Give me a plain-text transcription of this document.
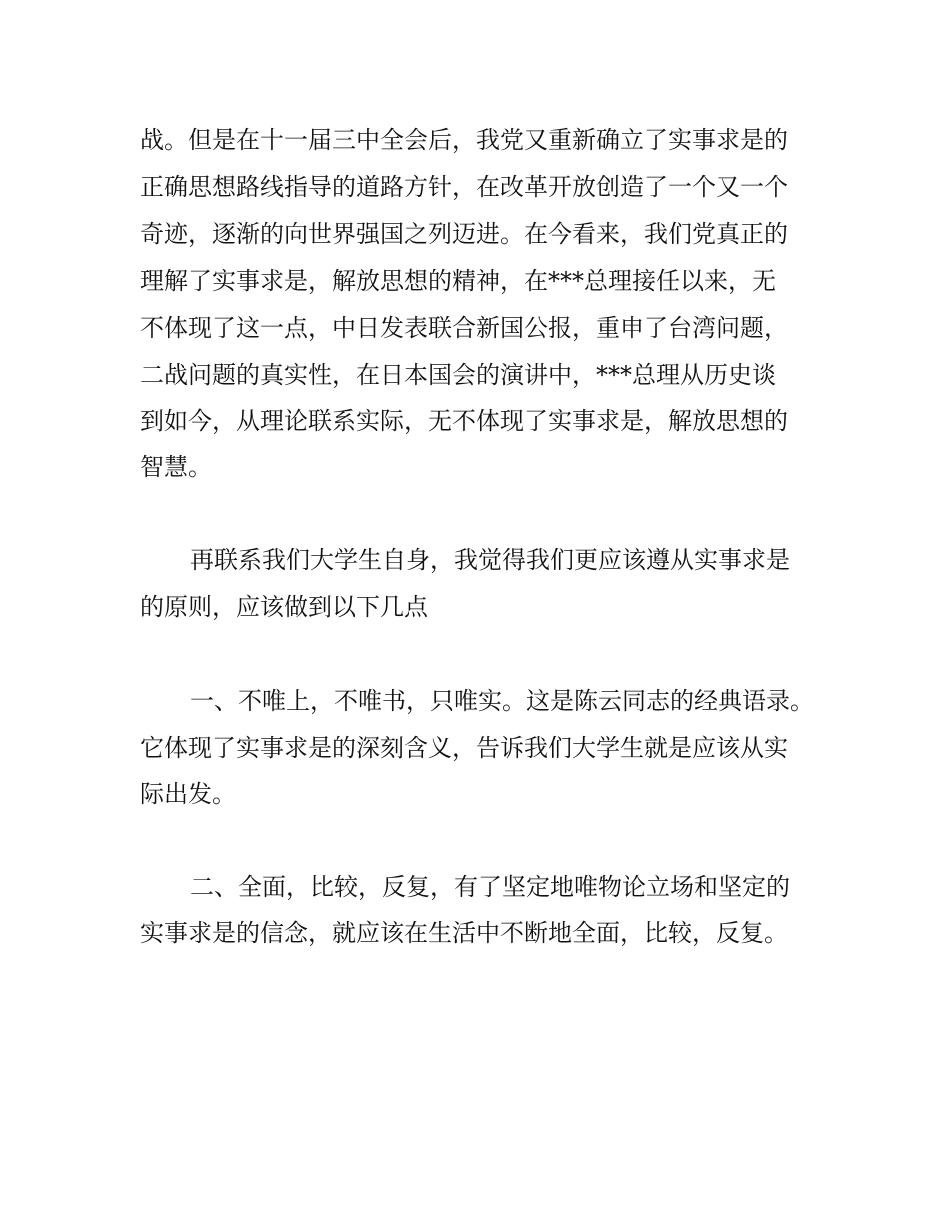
战。但是在十一届三中全会后，我党又重新确立了实事求是的

正确思想路线指导的道路方针，在改革开放创造了一个又一个

奇迹，逐渐的向世界强国之列迈进。在今看来，我们党真正的

理解了实事求是，解放思想的精神，在***总理接任以来，无

不体现了这一点，中日发表联合新国公报，重申了台湾问题，

二战问题的真实性，在日本国会的演讲中，***总理从历史谈

到如今，从理论联系实际，无不体现了实事求是，解放思想的

智慧。

再联系我们大学生自身，我觉得我们更应该遵从实事求是

的原则，应该做到以下几点

一、不唯上，不唯书，只唯实。这是陈云同志的经典语录。

它体现了实事求是的深刻含义，告诉我们大学生就是应该从实

际出发。

二、全面，比较，反复，有了坚定地唯物论立场和坚定的

实事求是的信念，就应该在生活中不断地全面，比较，反复。
